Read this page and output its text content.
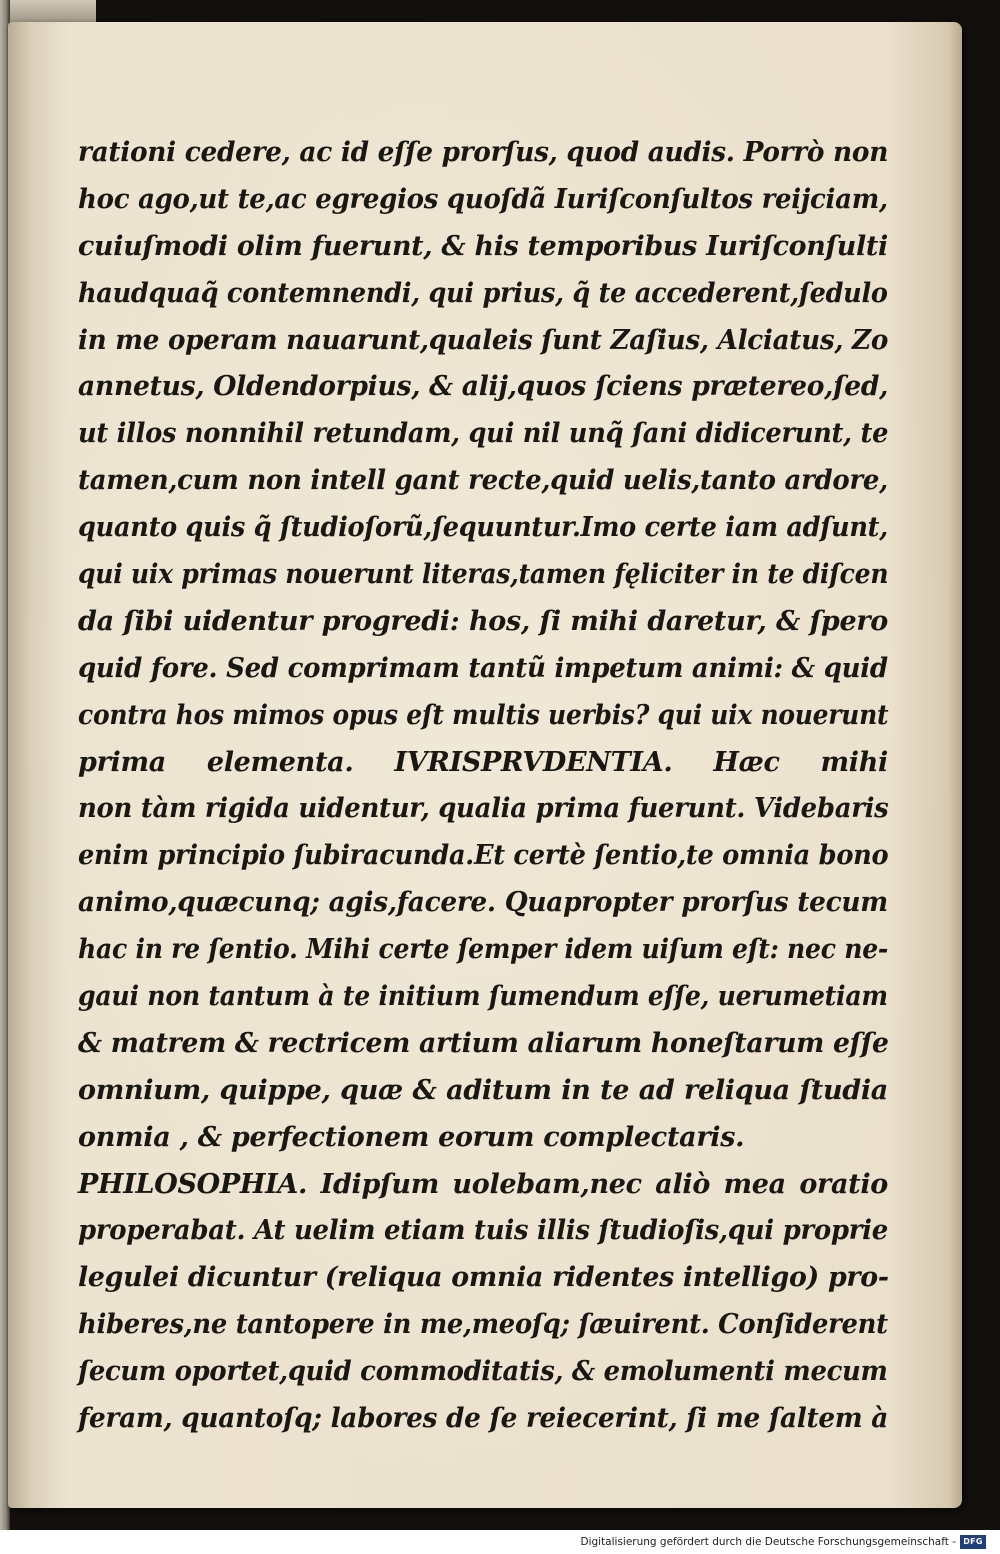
rationi cedere, ac id eſſe prorſus, quod audis. Porrò non
hoc ago,ut te,ac egregios quoſdã Iuriſconſultos reijciam,
cuiuſmodi olim fuerunt, & his temporibus Iuriſconſulti
haudquaq̃ contemnendi, qui prius, q̃ te accederent,ſedulo
in me operam nauarunt,qualeis ſunt Zaſius, Alciatus, Zo
annetus, Oldendorpius, & alij,quos ſciens prætereo,ſed,
ut illos nonnihil retundam, qui nil unq̃ ſani didicerunt, te
tamen,cum non intell gant recte,quid uelis,tanto ardore,
quanto quis q̃ ſtudioſorũ,ſequuntur.Imo certe iam adſunt,
qui uix primas nouerunt literas,tamen fęliciter in te diſcen
da ſibi uidentur progredi: hos, ſi mihi daretur, & ſpero
quid fore. Sed comprimam tantũ impetum animi: & quid
contra hos mimos opus eſt multis uerbis? qui uix nouerunt
prima elementa. IVRISPRVDENTIA. Hæc mihi
non tàm rigida uidentur, qualia prima fuerunt. Videbaris
enim principio ſubiracunda.Et certè ſentio,te omnia bono
animo,quæcunq; agis,facere. Quapropter prorſus tecum
hac in re ſentio. Mihi certe ſemper idem uiſum eſt: nec ne-
gaui non tantum à te initium ſumendum eſſe, uerumetiam
& matrem & rectricem artium aliarum honeſtarum eſſe
omnium, quippe, quæ & aditum in te ad reliqua ſtudia
onmia , & perfectionem eorum complectaris.
PHILOSOPHIA. Idipſum uolebam,nec aliò mea oratio
properabat. At uelim etiam tuis illis ſtudioſis,qui proprie
legulei dicuntur (reliqua omnia ridentes intelligo) pro-
hiberes,ne tantopere in me,meoſq; ſæuirent. Conſiderent
ſecum oportet,quid commoditatis, & emolumenti mecum
feram, quantoſq; labores de ſe reiecerint, ſi me ſaltem à
Digitalisierung gefördert durch die Deutsche Forschungsgemeinschaft - DFG
